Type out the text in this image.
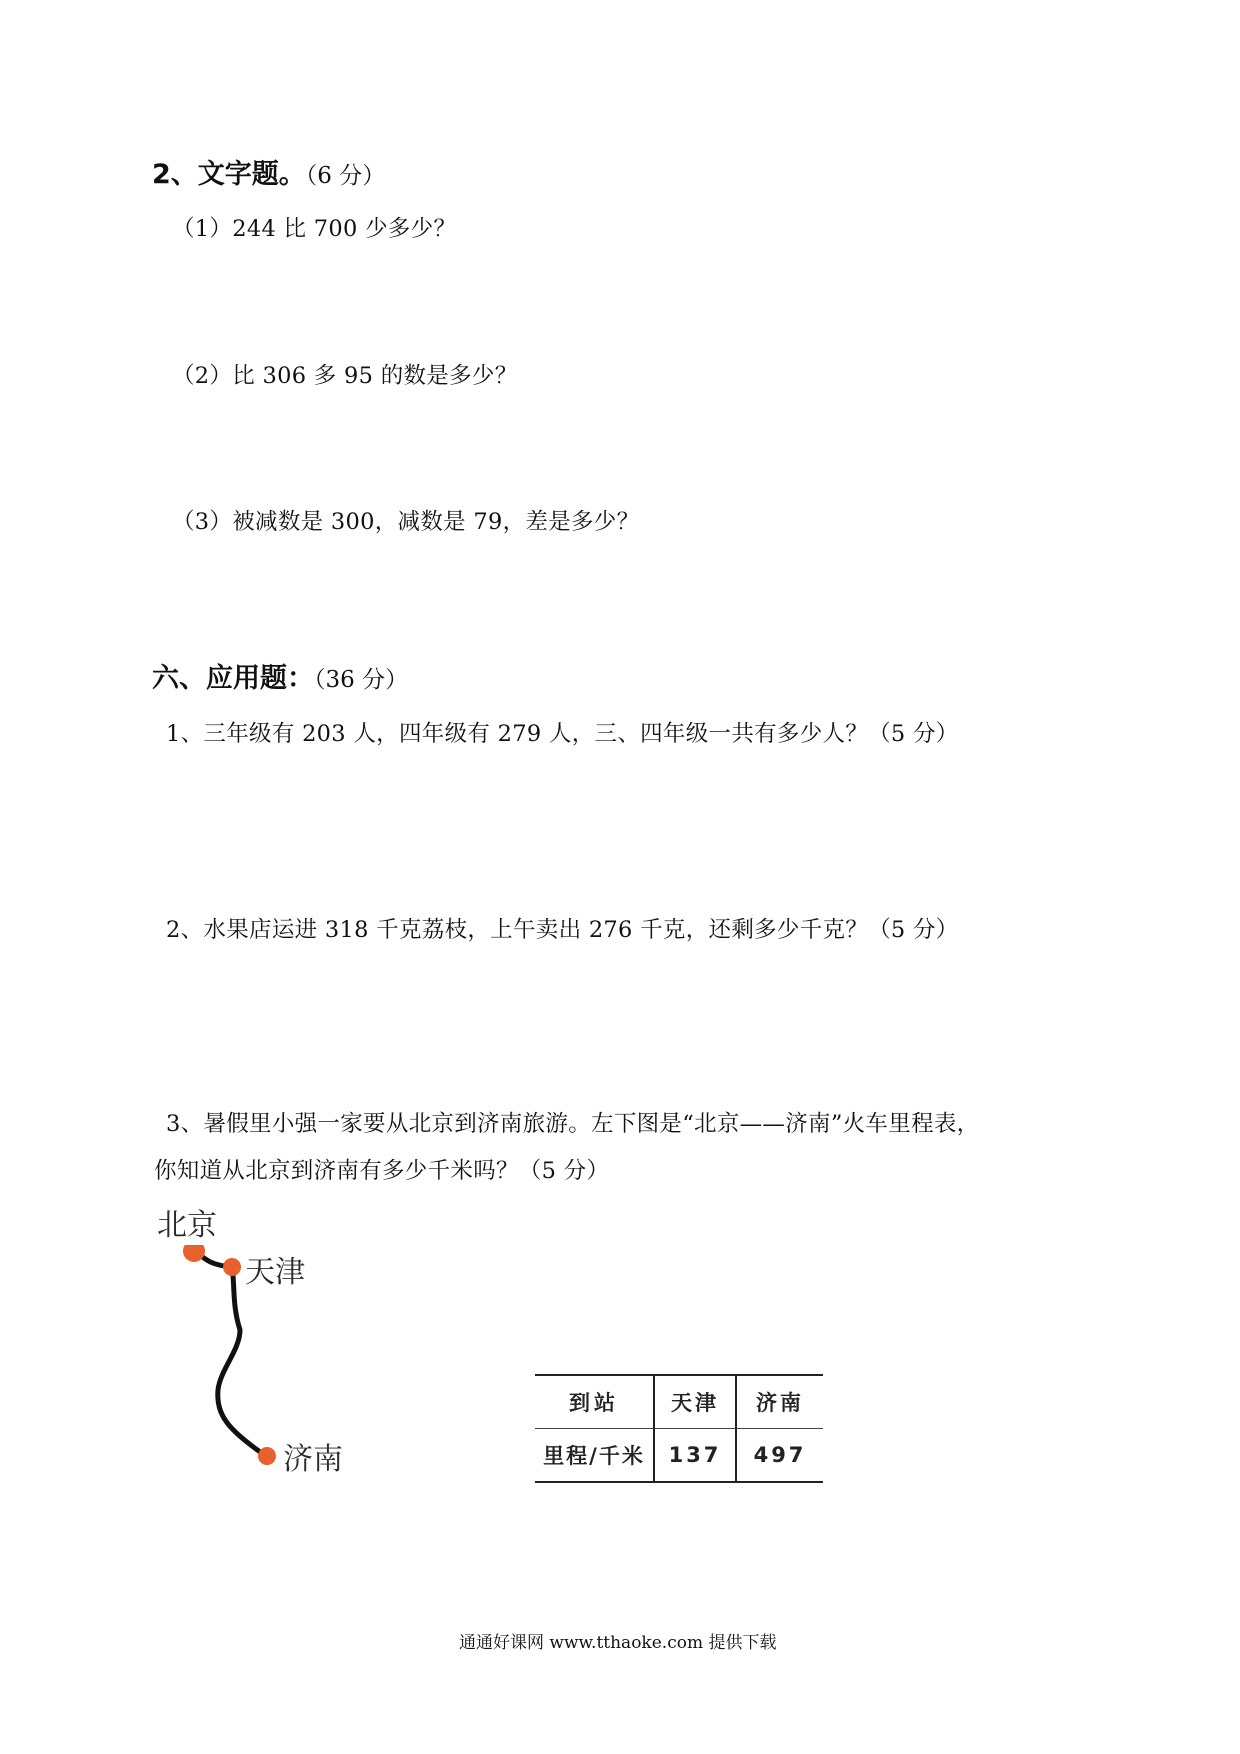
2、文字题。（6 分）
（1）244 比 700 少多少？
（2）比 306 多 95 的数是多少？
（3）被减数是 300，减数是 79，差是多少？
六、应用题：（36 分）
1、三年级有 203 人，四年级有 279 人，三、四年级一共有多少人？（5 分）
2、水果店运进 318 千克荔枝，上午卖出 276 千克，还剩多少千克？（5 分）
3、暑假里小强一家要从北京到济南旅游。左下图是“北京——济南”火车里程表，
你知道从北京到济南有多少千米吗？（5 分）
北京
天津
济南
到站	天津	济南
里程/千米	137	497
通通好课网 www.tthaoke.com 提供下载
